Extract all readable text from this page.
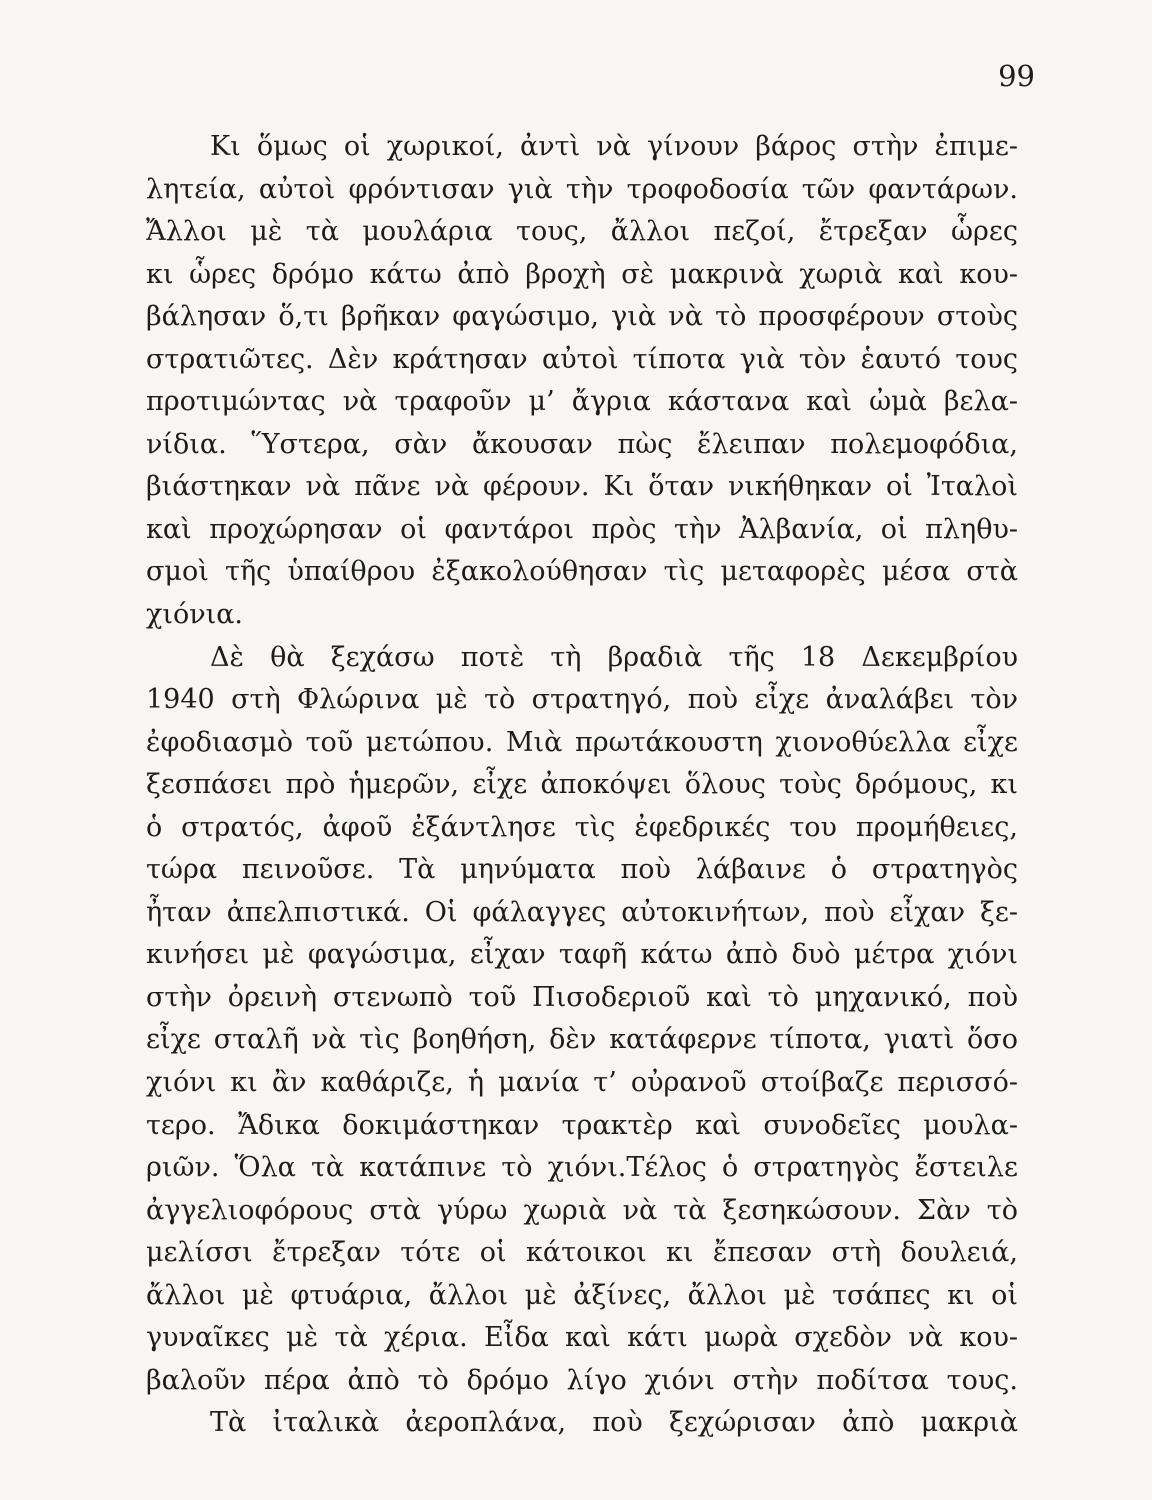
99
Κι ὅμως οἱ χωρικοί, ἀντὶ νὰ γίνουν βάρος στὴν ἐπιμε-
λητεία, αὐτοὶ φρόντισαν γιὰ τὴν τροφοδοσία τῶν φαντάρων.
Ἄλλοι μὲ τὰ μουλάρια τους, ἄλλοι πεζοί, ἔτρεξαν ὧρες
κι ὧρες δρόμο κάτω ἀπὸ βροχὴ σὲ μακρινὰ χωριὰ καὶ κου-
βάλησαν ὅ,τι βρῆκαν φαγώσιμο, γιὰ νὰ τὸ προσφέρουν στοὺς
στρατιῶτες. Δὲν κράτησαν αὐτοὶ τίποτα γιὰ τὸν ἑαυτό τους
προτιμώντας νὰ τραφοῦν μ’ ἄγρια κάστανα καὶ ὠμὰ βελα-
νίδια. Ὕστερα, σὰν ἄκουσαν πὼς ἔλειπαν πολεμοφόδια,
βιάστηκαν νὰ πᾶνε νὰ φέρουν. Κι ὅταν νικήθηκαν οἱ Ἰταλοὶ
καὶ προχώρησαν οἱ φαντάροι πρὸς τὴν Ἀλβανία, οἱ πληθυ-
σμοὶ τῆς ὑπαίθρου ἐξακολούθησαν τὶς μεταφορὲς μέσα στὰ
χιόνια.
Δὲ θὰ ξεχάσω ποτὲ τὴ βραδιὰ τῆς 18 Δεκεμβρίου
1940 στὴ Φλώρινα μὲ τὸ στρατηγό, ποὺ εἶχε ἀναλάβει τὸν
ἐφοδιασμὸ τοῦ μετώπου. Μιὰ πρωτάκουστη χιονοθύελλα εἶχε
ξεσπάσει πρὸ ἡμερῶν, εἶχε ἀποκόψει ὅλους τοὺς δρόμους, κι
ὁ στρατός, ἀφοῦ ἐξάντλησε τὶς ἐφεδρικές του προμήθειες,
τώρα πεινοῦσε. Τὰ μηνύματα ποὺ λάβαινε ὁ στρατηγὸς
ἦταν ἀπελπιστικά. Οἱ φάλαγγες αὐτοκινήτων, ποὺ εἶχαν ξε-
κινήσει μὲ φαγώσιμα, εἶχαν ταφῆ κάτω ἀπὸ δυὸ μέτρα χιόνι
στὴν ὀρεινὴ στενωπὸ τοῦ Πισοδεριοῦ καὶ τὸ μηχανικό, ποὺ
εἶχε σταλῆ νὰ τὶς βοηθήση, δὲν κατάφερνε τίποτα, γιατὶ ὅσο
χιόνι κι ἂν καθάριζε, ἡ μανία τ’ οὐρανοῦ στοίβαζε περισσό-
τερο. Ἄδικα δοκιμάστηκαν τρακτὲρ καὶ συνοδεῖες μουλα-
ριῶν. Ὅλα τὰ κατάπινε τὸ χιόνι.Τέλος ὁ στρατηγὸς ἔστειλε
ἀγγελιοφόρους στὰ γύρω χωριὰ νὰ τὰ ξεσηκώσουν. Σὰν τὸ
μελίσσι ἔτρεξαν τότε οἱ κάτοικοι κι ἔπεσαν στὴ δουλειά,
ἄλλοι μὲ φτυάρια, ἄλλοι μὲ ἀξίνες, ἄλλοι μὲ τσάπες κι οἱ
γυναῖκες μὲ τὰ χέρια. Εἶδα καὶ κάτι μωρὰ σχεδὸν νὰ κου-
βαλοῦν πέρα ἀπὸ τὸ δρόμο λίγο χιόνι στὴν ποδίτσα τους.
Τὰ ἰταλικὰ ἀεροπλάνα, ποὺ ξεχώρισαν ἀπὸ μακριὰ
